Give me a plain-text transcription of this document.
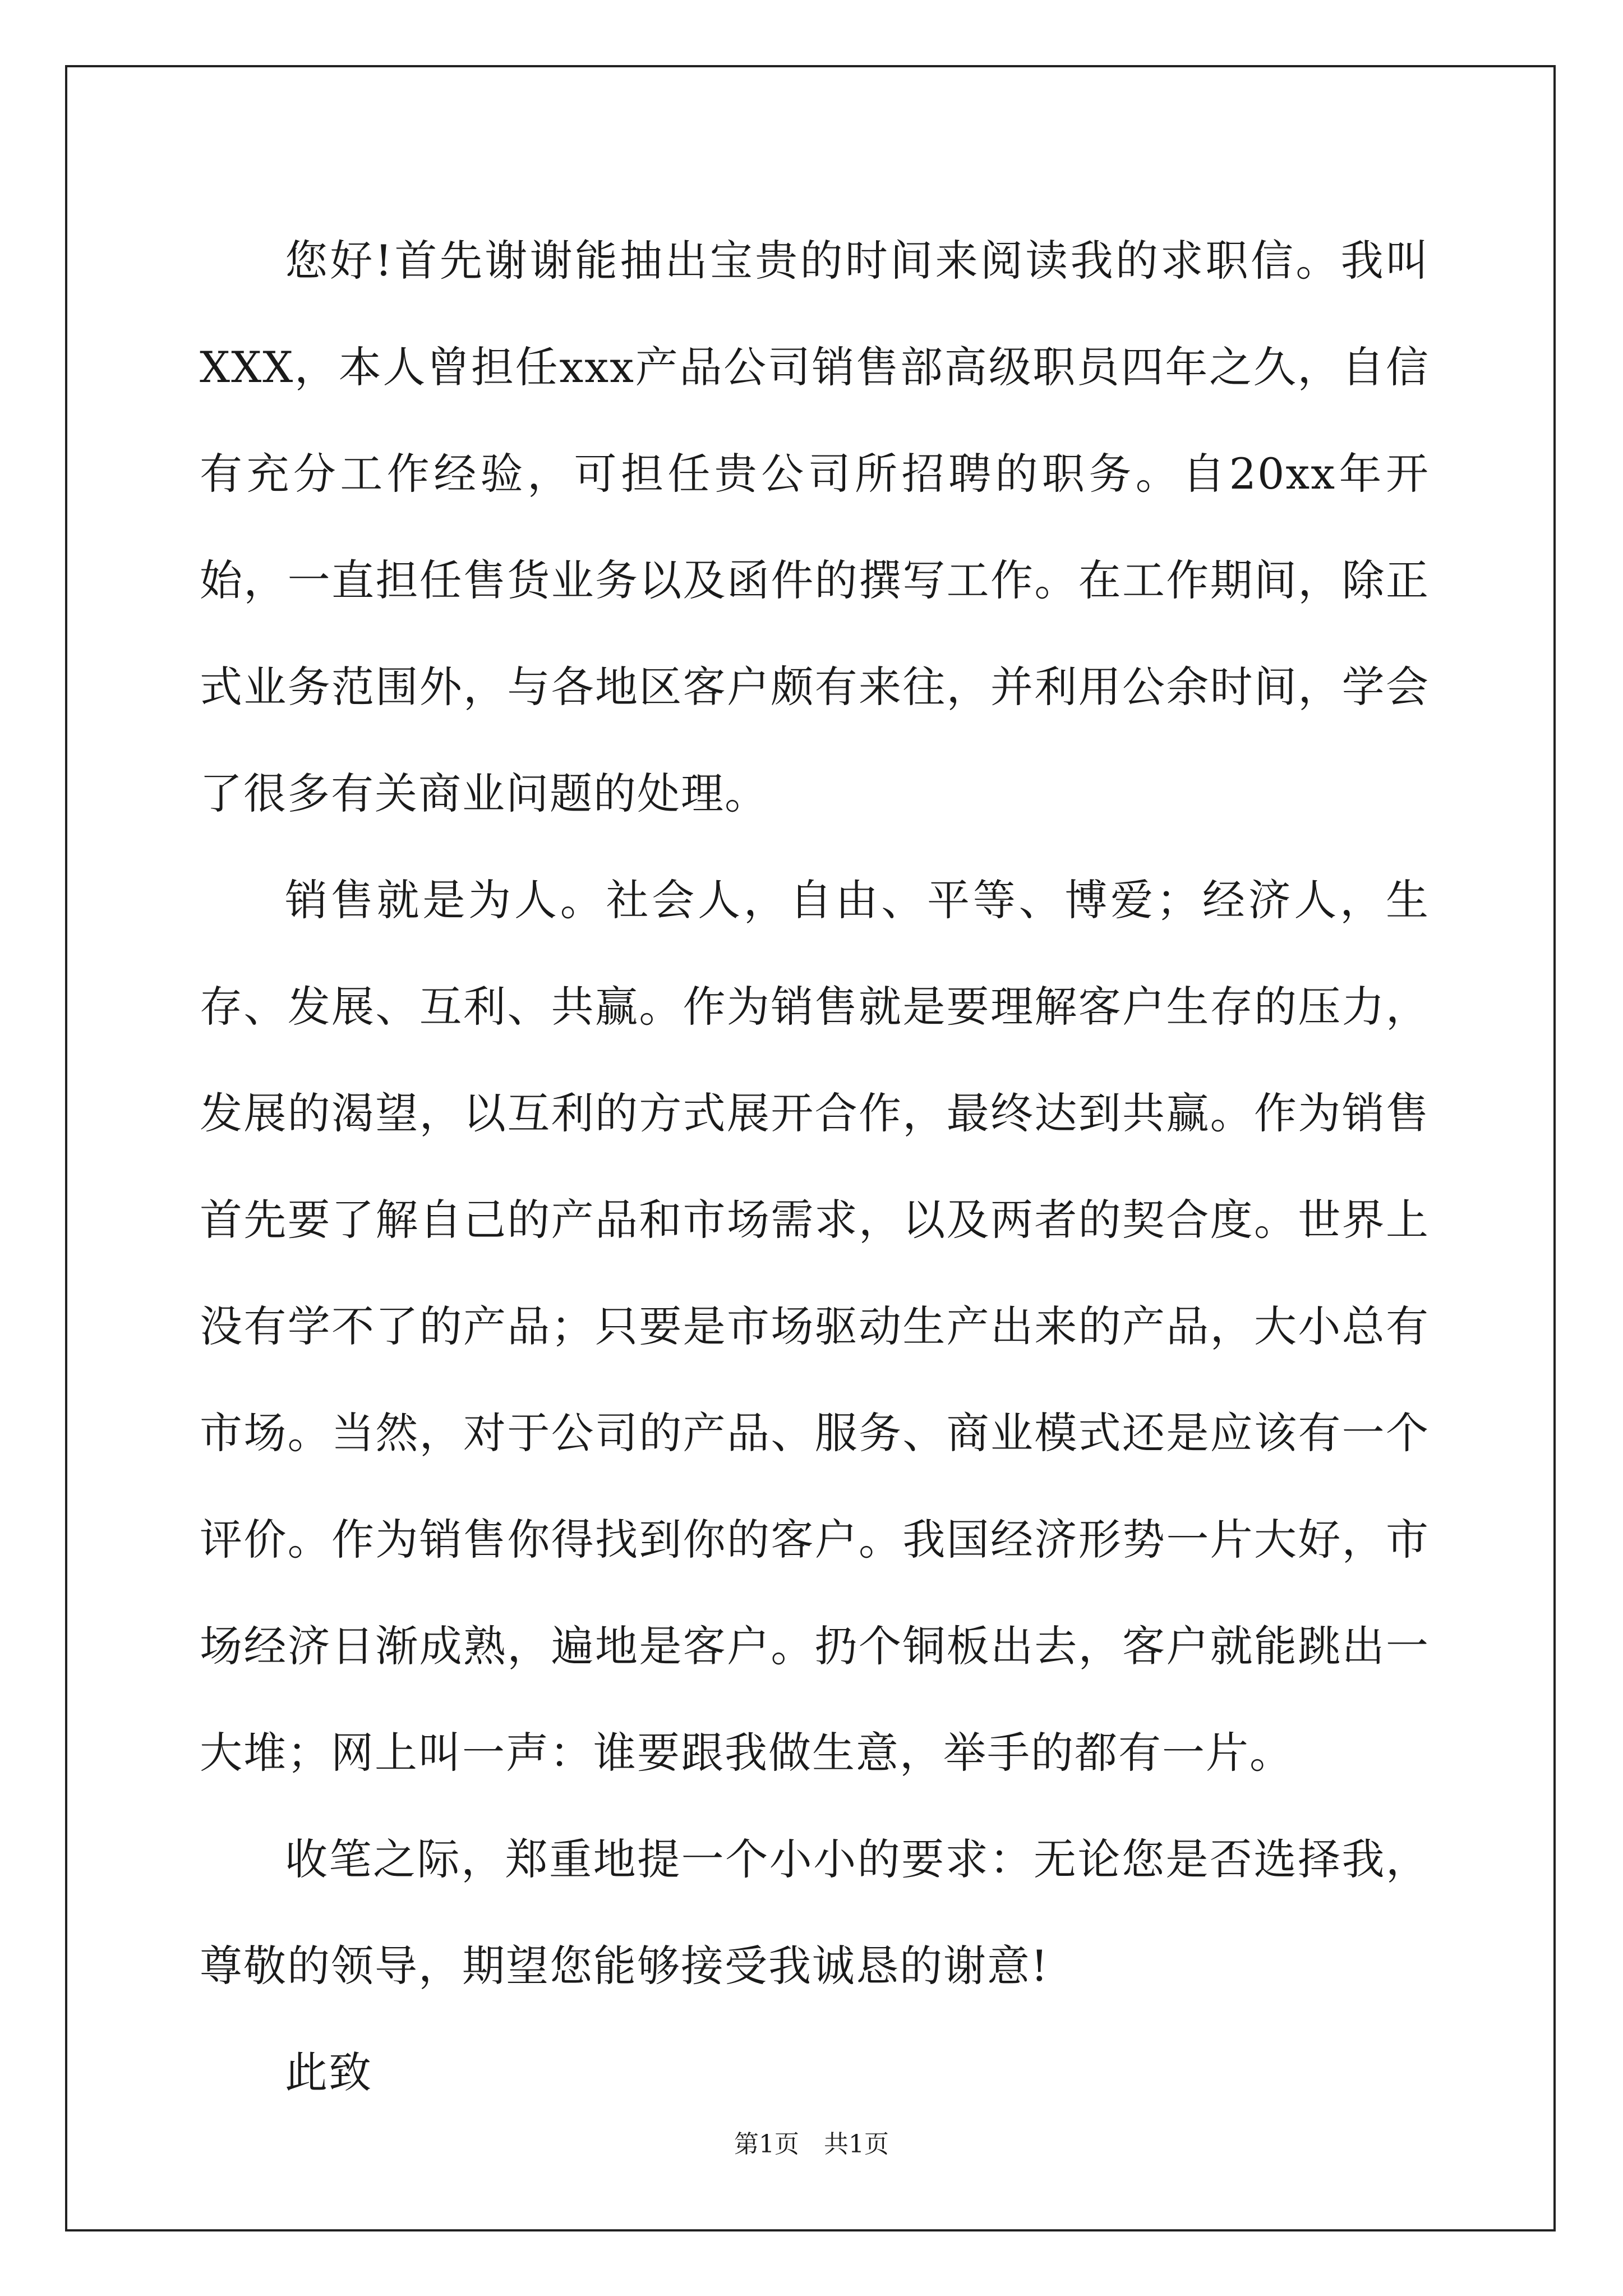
您好!首先谢谢能抽出宝贵的时间来阅读我的求职信。我叫XXX，本人曾担任xxx产品公司销售部高级职员四年之久，自信有充分工作经验，可担任贵公司所招聘的职务。自20xx年开始，一直担任售货业务以及函件的撰写工作。在工作期间，除正式业务范围外，与各地区客户颇有来往，并利用公余时间，学会了很多有关商业问题的处理。

销售就是为人。社会人，自由、平等、博爱；经济人，生存、发展、互利、共赢。作为销售就是要理解客户生存的压力，发展的渴望，以互利的方式展开合作，最终达到共赢。作为销售首先要了解自己的产品和市场需求，以及两者的契合度。世界上没有学不了的产品；只要是市场驱动生产出来的产品，大小总有市场。当然，对于公司的产品、服务、商业模式还是应该有一个评价。作为销售你得找到你的客户。我国经济形势一片大好，市场经济日渐成熟，遍地是客户。扔个铜板出去，客户就能跳出一大堆；网上叫一声：谁要跟我做生意，举手的都有一片。

收笔之际，郑重地提一个小小的要求：无论您是否选择我，尊敬的领导，期望您能够接受我诚恳的谢意!

此致

第1页 共1页
